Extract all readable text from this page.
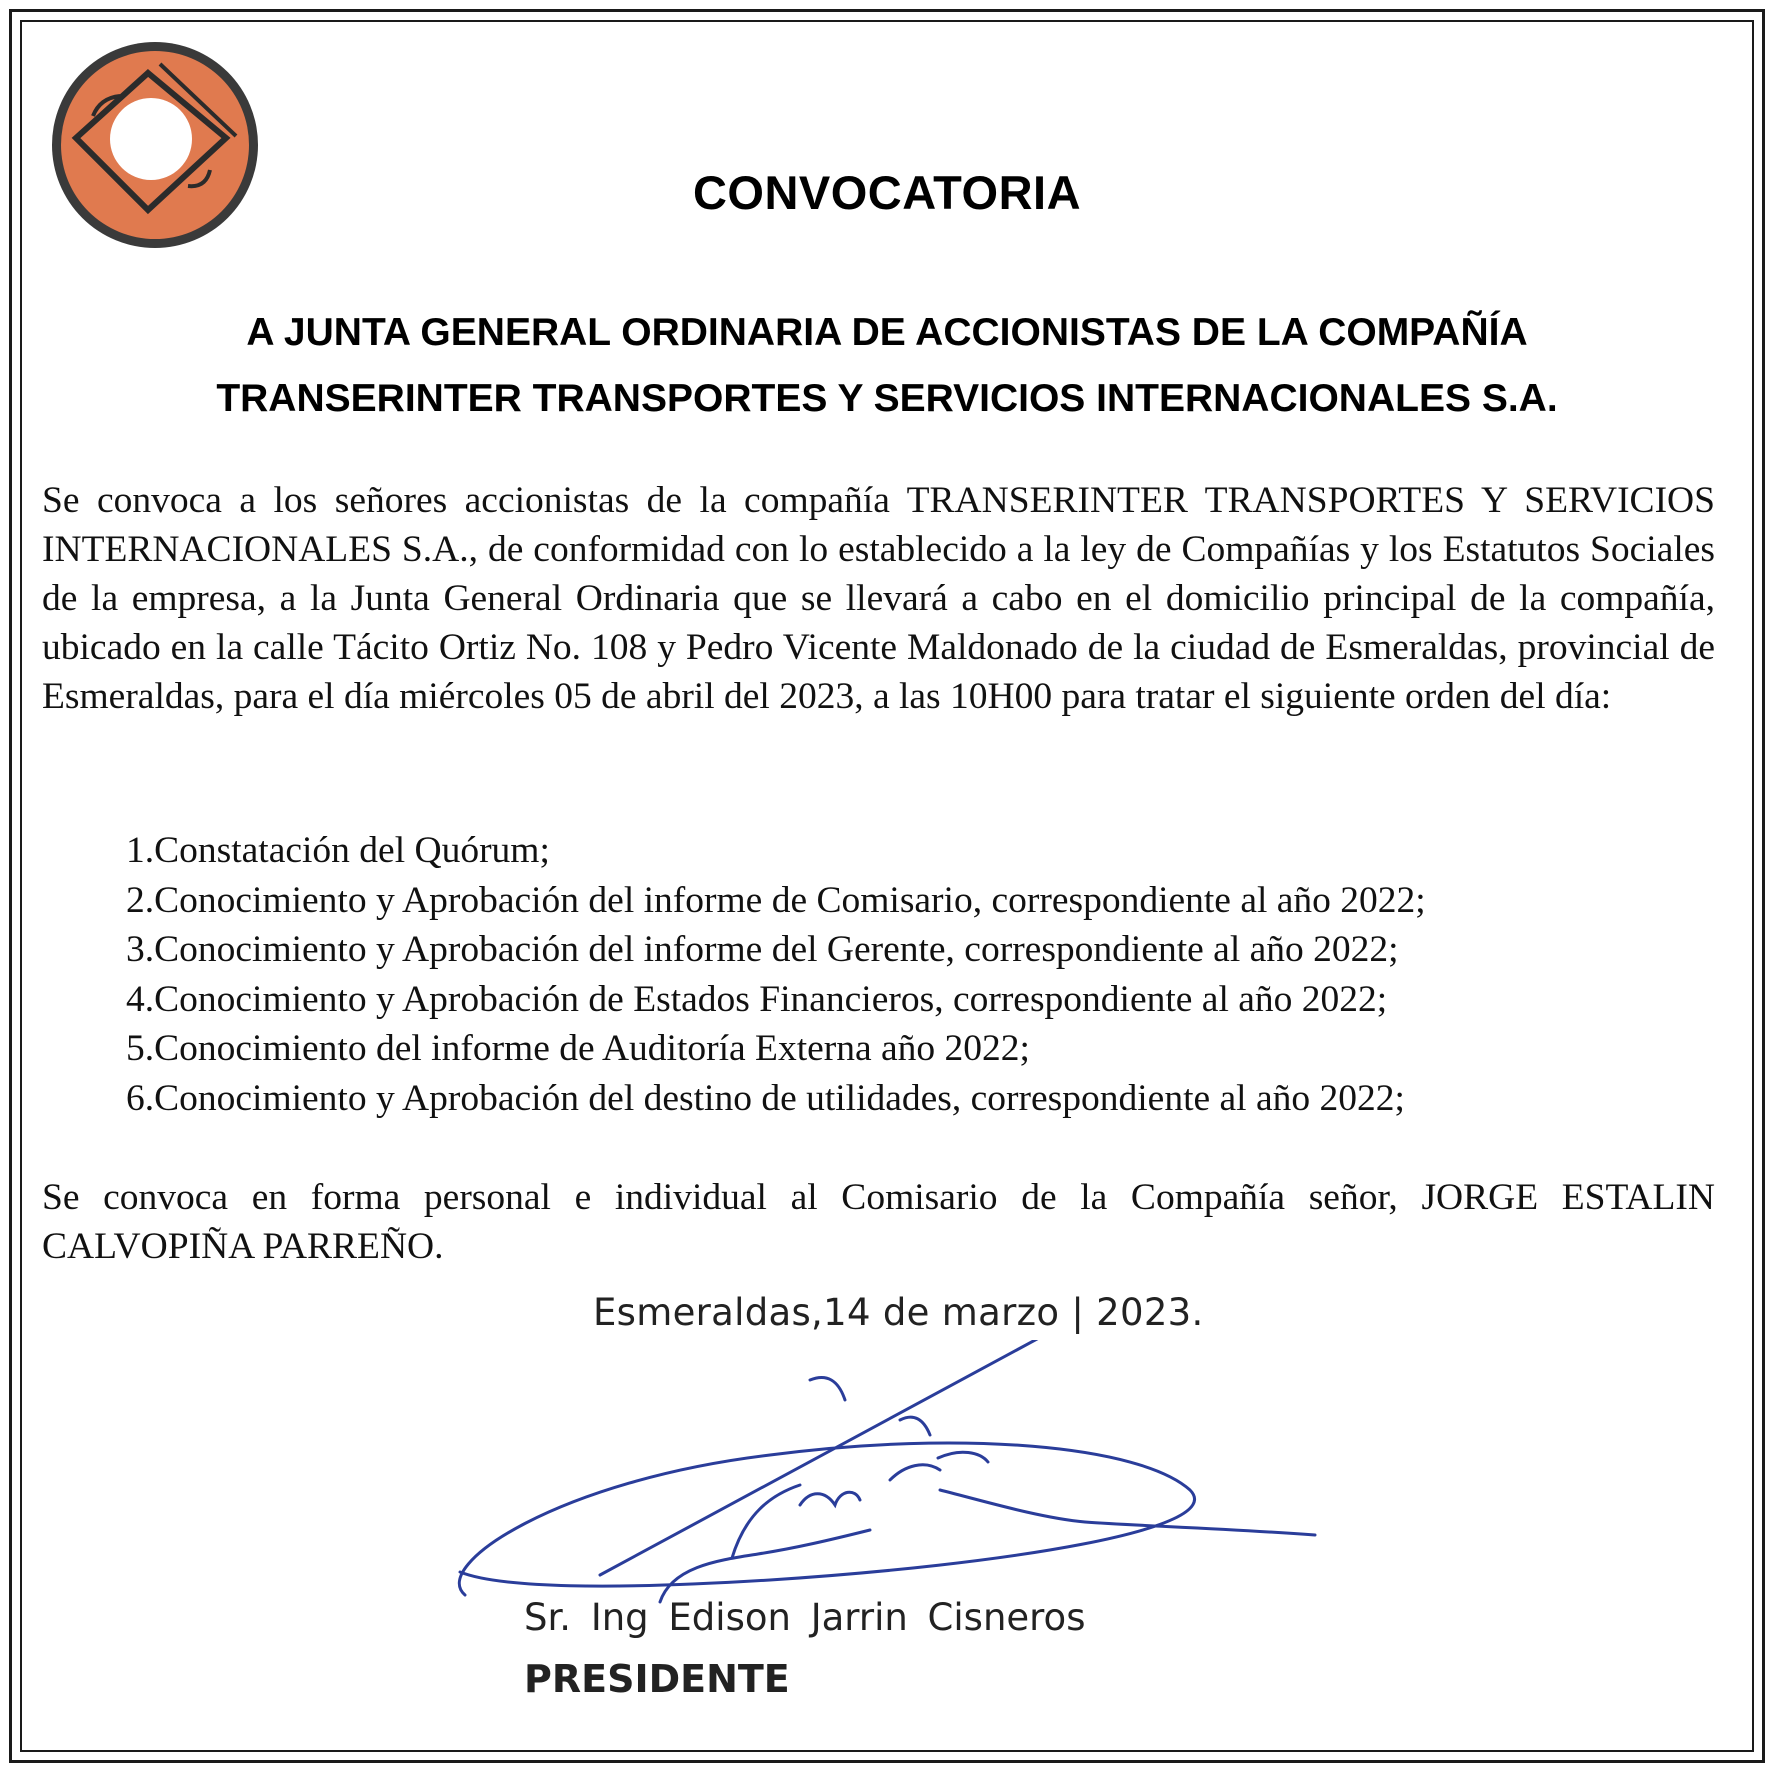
CONVOCATORIA
A JUNTA GENERAL ORDINARIA DE ACCIONISTAS DE LA COMPAÑÍA
TRANSERINTER TRANSPORTES Y SERVICIOS INTERNACIONALES S.A.
Se convoca a los señores accionistas de la compañía TRANSERINTER TRANSPORTES Y SERVICIOS INTERNACIONALES S.A., de conformidad con lo establecido a la ley de Compañías y los Estatutos Sociales de la empresa, a la Junta General Ordinaria que se llevará a cabo en el domicilio principal de la compañía, ubicado en la calle Tácito Ortiz No. 108 y Pedro Vicente Maldonado de la ciudad de Esmeraldas, provincial de Esmeraldas, para el día miércoles 05 de abril del 2023, a las 10H00 para tratar el siguiente orden del día:
1.Constatación del Quórum;
2.Conocimiento y Aprobación del informe de Comisario, correspondiente al año 2022;
3.Conocimiento y Aprobación del informe del Gerente, correspondiente al año 2022;
4.Conocimiento y Aprobación de Estados Financieros, correspondiente al año 2022;
5.Conocimiento del informe de Auditoría Externa año 2022;
6.Conocimiento y Aprobación del destino de utilidades, correspondiente al año 2022;
Se convoca en forma personal e individual al Comisario de la Compañía señor, JORGE ESTALIN CALVOPIÑA PARREÑO.
Esmeraldas,14 de marzo | 2023.
Sr. Ing Edison Jarrin Cisneros
PRESIDENTE
